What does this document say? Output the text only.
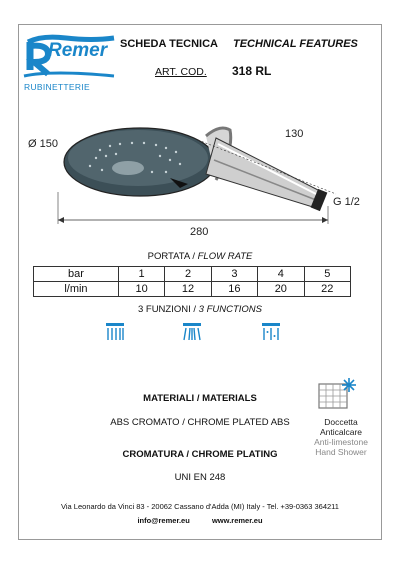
Remer
RUBINETTERIE
SCHEDA TECNICA TECHNICAL FEATURES
ART. COD. 318 RL
Ø 150
130
280
G 1/2
PORTATA / FLOW RATE
bar	1	2	3	4	5
l/min	10	12	16	20	22
3 FUNZIONI / 3 FUNCTIONS
MATERIALI / MATERIALS
ABS CROMATO / CHROME PLATED ABS
CROMATURA / CHROME PLATING
UNI EN 248
Doccetta
Anticalcare
Anti-limestone
Hand Shower
Via Leonardo da Vinci 83 - 20062 Cassano d'Adda (MI) Italy - Tel. +39-0363 364211
info@remer.eu	www.remer.eu
